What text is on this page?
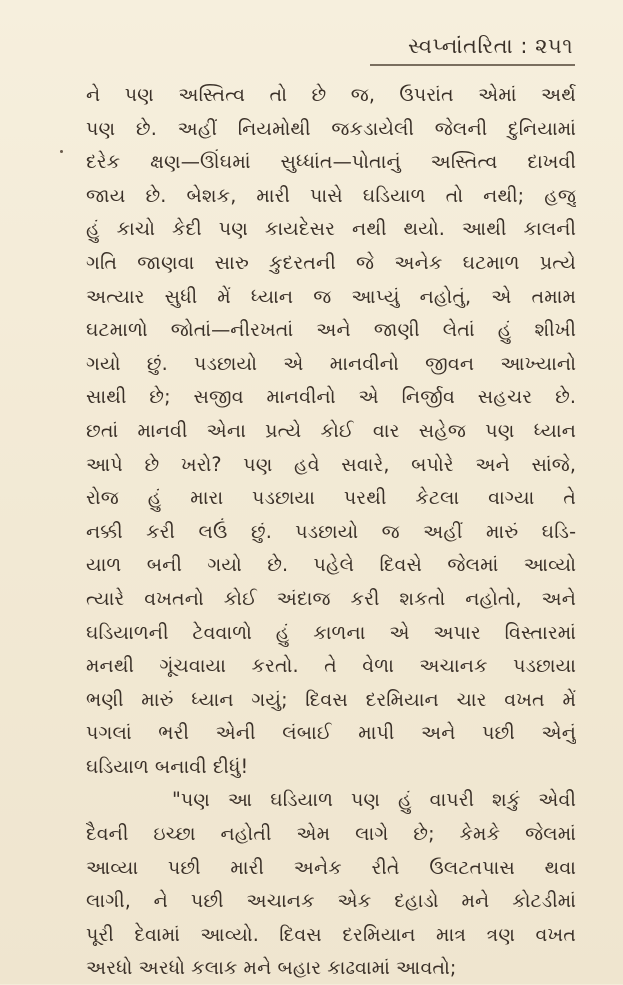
સ્વપ્નાંતરિતા : ૨૫૧
ને પણ અસ્તિત્વ તો છે જ, ઉપરાંત એમાં અર્થ
પણ છે. અહીં નિયમોથી જકડાયેલી જેલની દુનિયામાં
દરેક ક્ષણ—ઊંઘમાં સુધ્ધાંત—પોતાનું અસ્તિત્વ દાખવી
જાય છે. બેશક, મારી પાસે ઘડિયાળ તો નથી; હજુ
હું કાચો કેદી પણ કાયદેસર નથી થયો. આથી કાલની
ગતિ જાણવા સારુ કુદરતની જે અનેક ઘટમાળ પ્રત્યે
અત્યાર સુધી મેં ધ્યાન જ આપ્યું નહોતું, એ તમામ
ઘટમાળો જોતાં—નીરખતાં અને જાણી લેતાં હું શીખી
ગયો છું. પડછાયો એ માનવીનો જીવન આખ્યાનો
સાથી છે; સજીવ માનવીનો એ નિર્જીવ સહચર છે.
છતાં માનવી એના પ્રત્યે કોઈ વાર સહેજ પણ ધ્યાન
આપે છે ખરો? પણ હવે સવારે, બપોરે અને સાંજે,
રોજ હું મારા પડછાયા પરથી કેટલા વાગ્યા તે
નક્કી કરી લઉં છું. પડછાયો જ અહીં મારું ઘડિ-
યાળ બની ગયો છે. પહેલે દિવસે જેલમાં આવ્યો
ત્યારે વખતનો કોઈ અંદાજ કરી શકતો નહોતો, અને
ઘડિયાળની ટેવવાળો હું કાળના એ અપાર વિસ્તારમાં
મનથી ગૂંચવાયા કરતો. તે વેળા અચાનક પડછાયા
ભણી મારું ધ્યાન ગયું; દિવસ દરમિયાન ચાર વખત મેં
પગલાં ભરી એની લંબાઈ માપી અને પછી એનું
ઘડિયાળ બનાવી દીધું!
"પણ આ ઘડિયાળ પણ હું વાપરી શકું એવી
દૈવની ઇચ્છા નહોતી એમ લાગે છે; કેમકે જેલમાં
આવ્યા પછી મારી અનેક રીતે ઉલટતપાસ થવા
લાગી, ને પછી અચાનક એક દહાડો મને કોટડીમાં
પૂરી દેવામાં આવ્યો. દિવસ દરમિયાન માત્ર ત્રણ વખત
અરધો અરધો કલાક મને બહાર કાઢવામાં આવતો;
